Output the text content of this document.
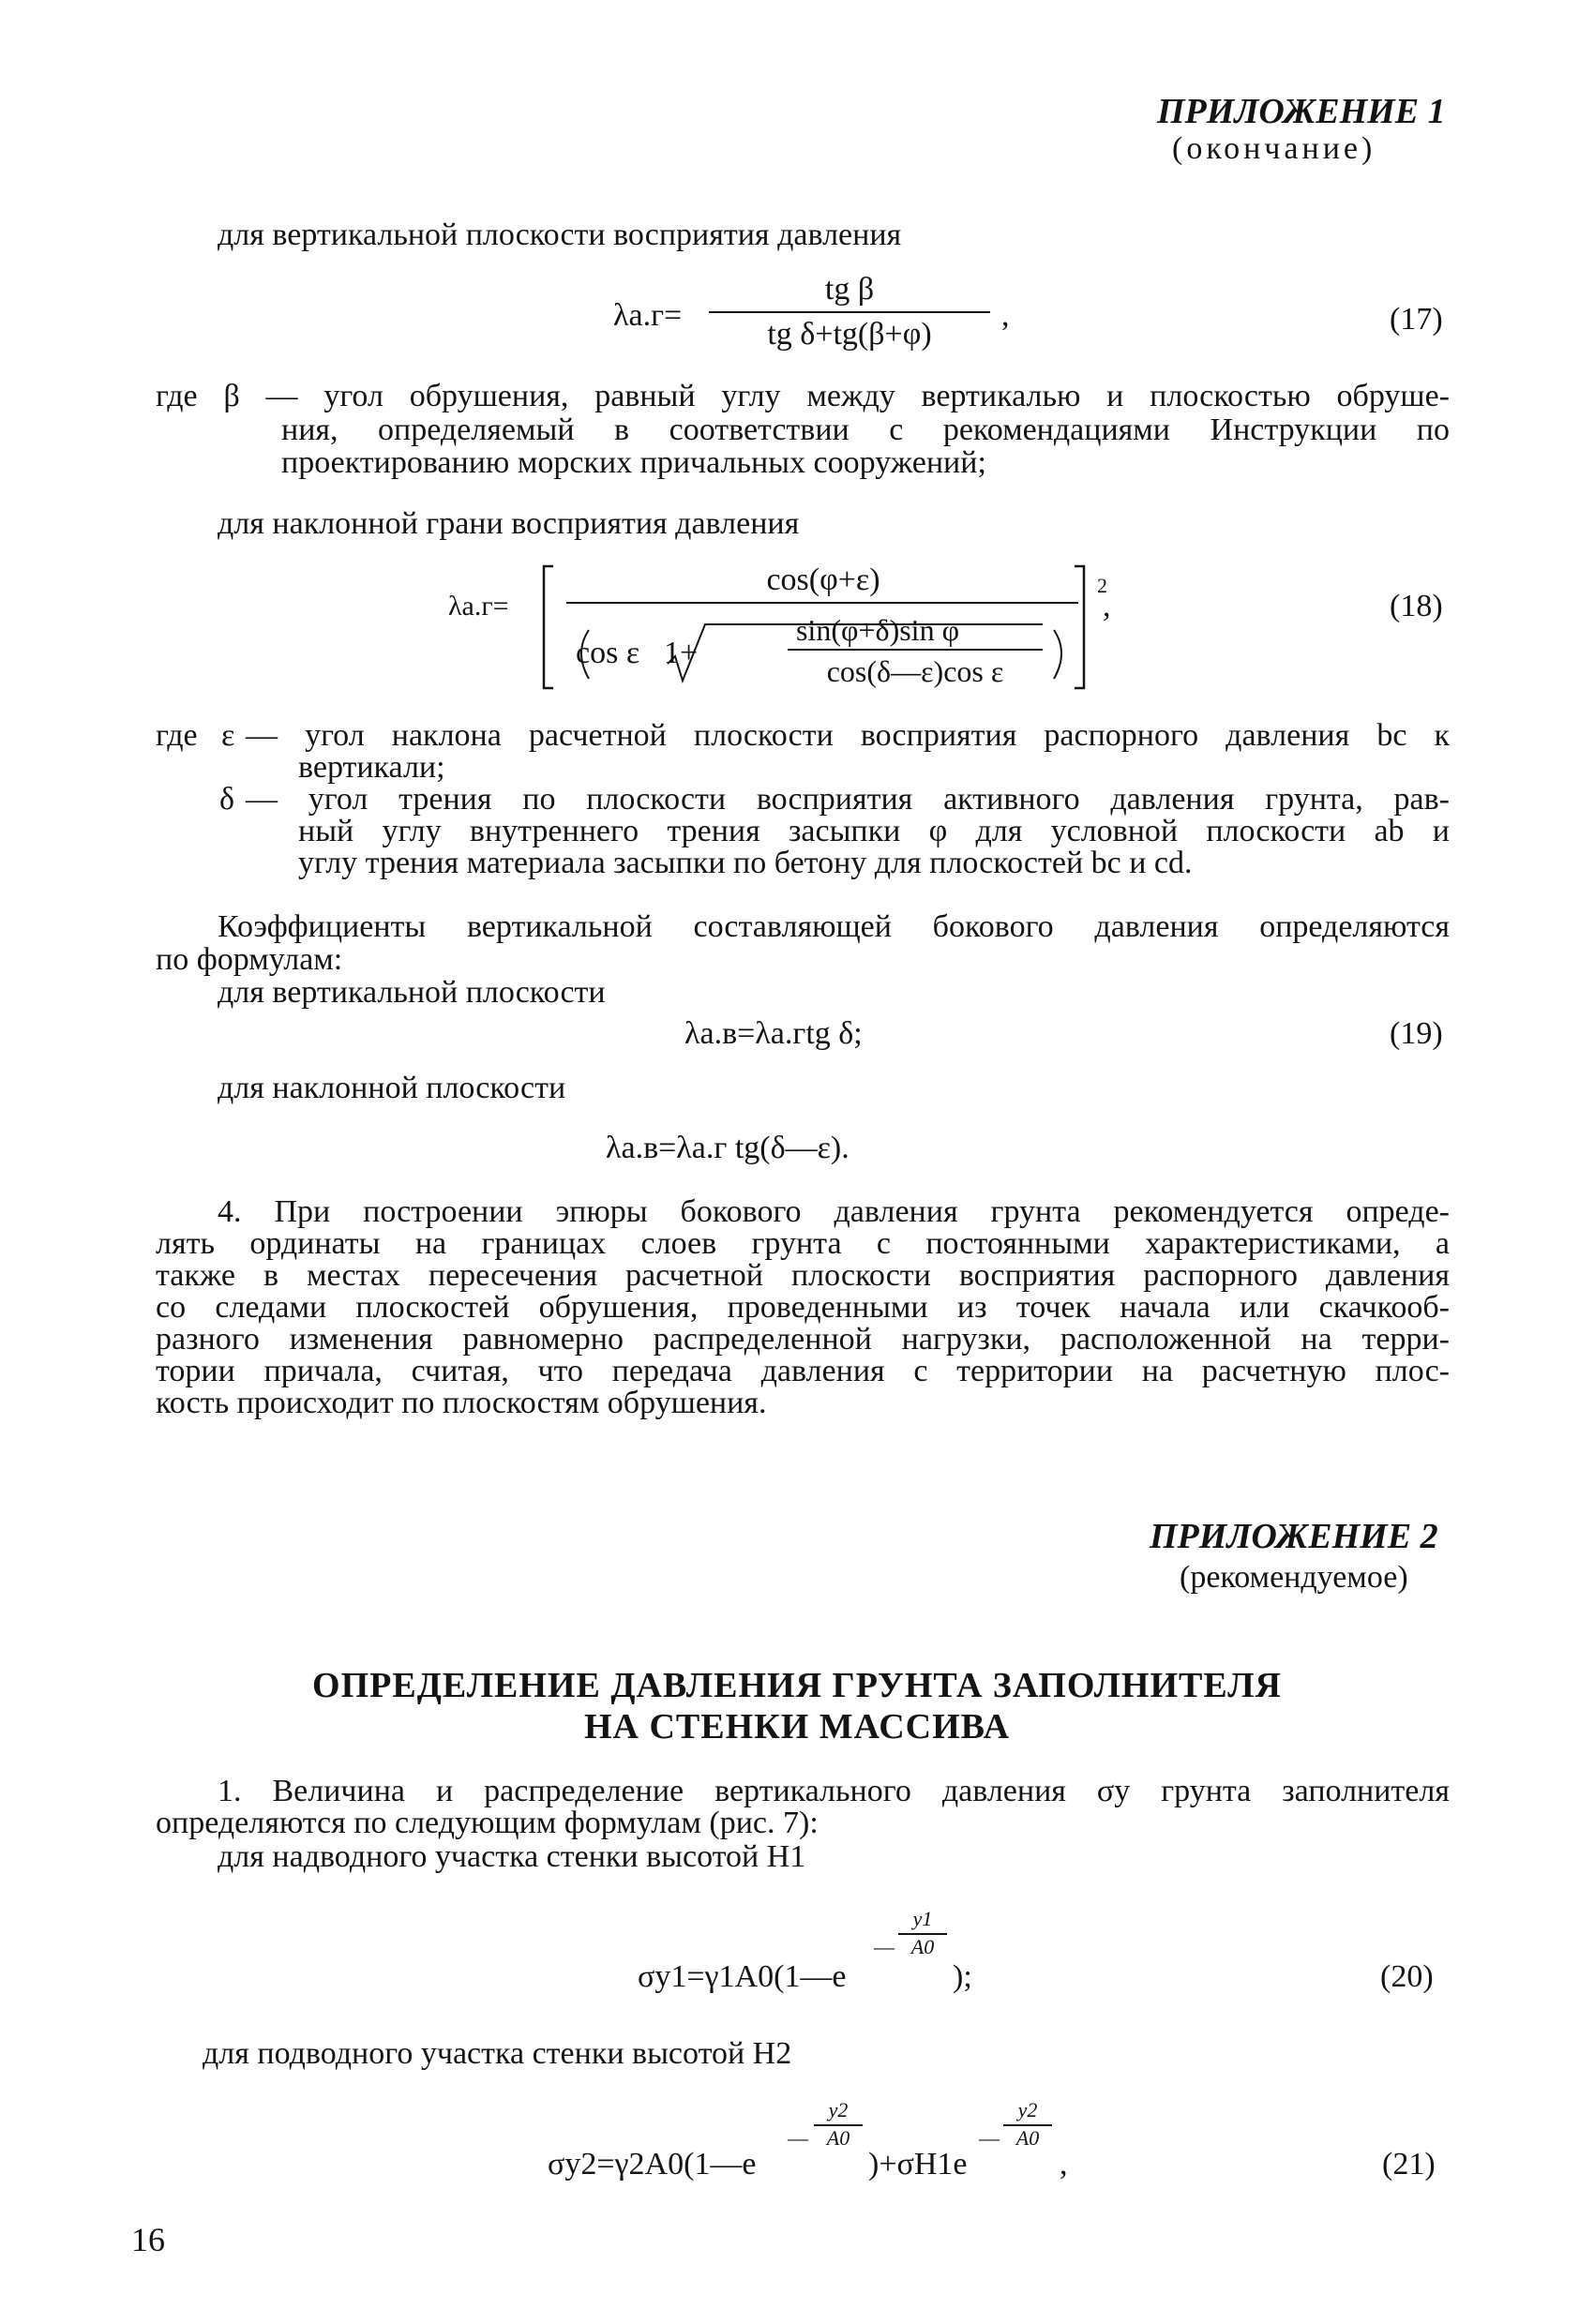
ПРИЛОЖЕНИЕ 1
(окончание)
для вертикальной плоскости восприятия давления
λа.г=
tg β
tg δ+tg(β+φ)
,	(17)
где β — угол обрушения, равный углу между вертикалью и плоскостью обруше-
ния, определяемый в соответствии с рекомендациями Инструкции по
проектированию морских причальных сооружений;
для наклонной грани восприятия давления
λа.г=
cos(φ+ε)
cos ε 1+
sin(φ+δ)sin φ
cos(δ—ε)cos ε
2
,	(18)
где ε — угол наклона расчетной плоскости восприятия распорного давления bc к
вертикали;
δ — угол трения по плоскости восприятия активного давления грунта, рав-
ный углу внутреннего трения засыпки φ для условной плоскости ab и
углу трения материала засыпки по бетону для плоскостей bc и cd.
Коэффициенты вертикальной составляющей бокового давления определяются
по формулам:
для вертикальной плоскости
λа.в=λа.гtg δ;	(19)
для наклонной плоскости
λа.в=λа.г tg(δ—ε).
4. При построении эпюры бокового давления грунта рекомендуется опреде-
лять ординаты на границах слоев грунта с постоянными характеристиками, а
также в местах пересечения расчетной плоскости восприятия распорного давления
со следами плоскостей обрушения, проведенными из точек начала или скачкооб-
разного изменения равномерно распределенной нагрузки, расположенной на терри-
тории причала, считая, что передача давления с территории на расчетную плос-
кость происходит по плоскостям обрушения.
ПРИЛОЖЕНИЕ 2
(рекомендуемое)
ОПРЕДЕЛЕНИЕ ДАВЛЕНИЯ ГРУНТА ЗАПОЛНИТЕЛЯ
НА СТЕНКИ МАССИВА
1. Величина и распределение вертикального давления σy грунта заполнителя
определяются по следующим формулам (рис. 7):
для надводного участка стенки высотой H1
σy1=γ1A0(1—e
—
y1
A0
);	(20)
для подводного участка стенки высотой H2
σy2=γ2A0(1—e
—
y2
A0
)+σH1e
—
y2
A0
,	(21)
16
